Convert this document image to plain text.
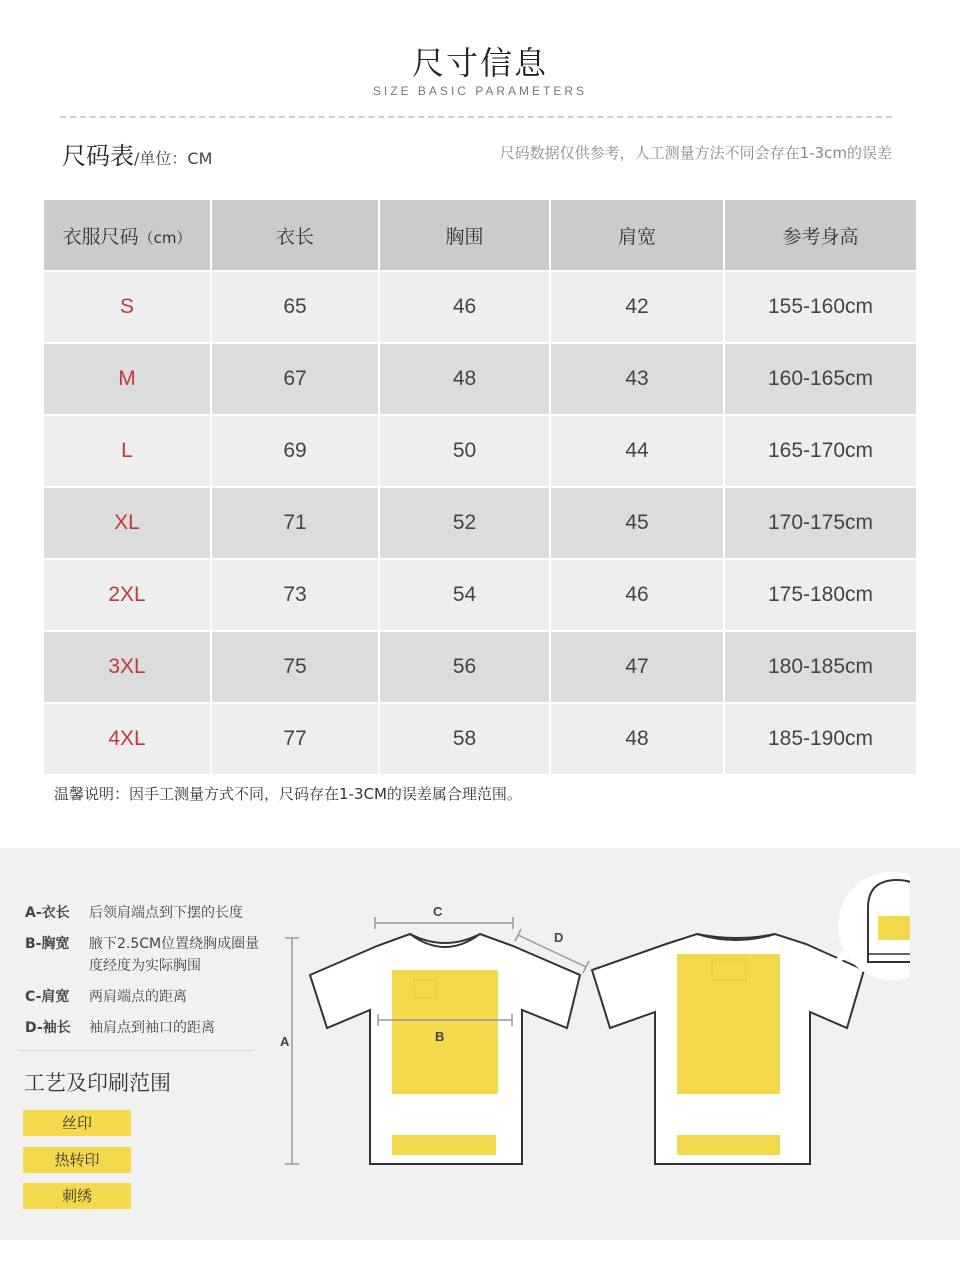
尺寸信息
SIZE BASIC PARAMETERS
尺码表/单位：CM	尺码数据仅供参考，人工测量方法不同会存在1-3cm的误差
衣服尺码（cm）	衣长	胸围	肩宽	参考身高
S	65	46	42	155-160cm
M	67	48	43	160-165cm
L	69	50	44	165-170cm
XL	71	52	45	170-175cm
2XL	73	54	46	175-180cm
3XL	75	56	47	180-185cm
4XL	77	58	48	185-190cm
温馨说明：因手工测量方式不同，尺码存在1-3CM的误差属合理范围。
A-衣长	后领肩端点到下摆的长度
B-胸宽	腋下2.5CM位置绕胸成圈量度经度为实际胸围
C-肩宽	两肩端点的距离
D-袖长	袖肩点到袖口的距离
工艺及印刷范围
丝印
热转印
刺绣
A
C
D
B
